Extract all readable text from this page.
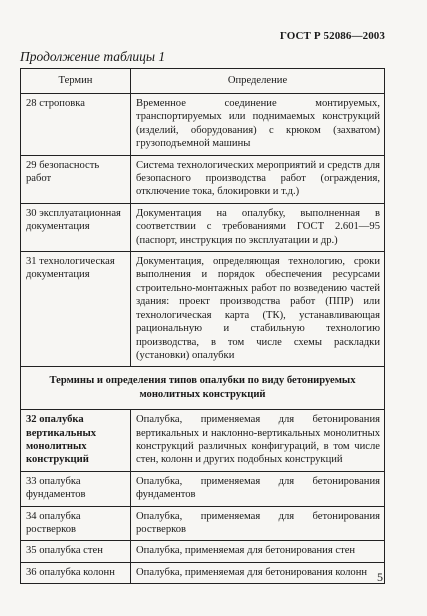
ГОСТ Р 52086—2003
Продолжение таблицы 1
Термин	Определение
28 строповка	Временное соединение монтируемых, транспортируемых или поднимаемых конструкций (изделий, оборудования) с крюком (захватом) грузоподъемной машины
29 безопасность работ	Система технологических мероприятий и средств для безопасного производства работ (ограждения, отключение тока, блокировки и т.д.)
30 эксплуатационная документация	Документация на опалубку, выполненная в соответствии с требованиями ГОСТ 2.601—95 (паспорт, инструкция по эксплуатации и др.)
31 технологическая документация	Документация, определяющая технологию, сроки выполнения и порядок обеспечения ресурсами строительно-монтажных работ по возведению частей здания: проект производства работ (ППР) или технологическая карта (ТК), устанавливающая рациональную и стабильную технологию производства, в том числе схемы раскладки (установки) опалубки
Термины и определения типов опалубки по виду бетонируемых монолитных конструкций	
32 опалубка вертикальных монолитных конструкций	Опалубка, применяемая для бетонирования вертикальных и наклонно-вертикальных монолитных конструкций различных конфигураций, в том числе стен, колонн и других подобных конструкций
33 опалубка фундаментов	Опалубка, применяемая для бетонирования фундаментов
34 опалубка ростверков	Опалубка, применяемая для бетонирования ростверков
35 опалубка стен	Опалубка, применяемая для бетонирования стен
36 опалубка колонн	Опалубка, применяемая для бетонирования колонн 5
